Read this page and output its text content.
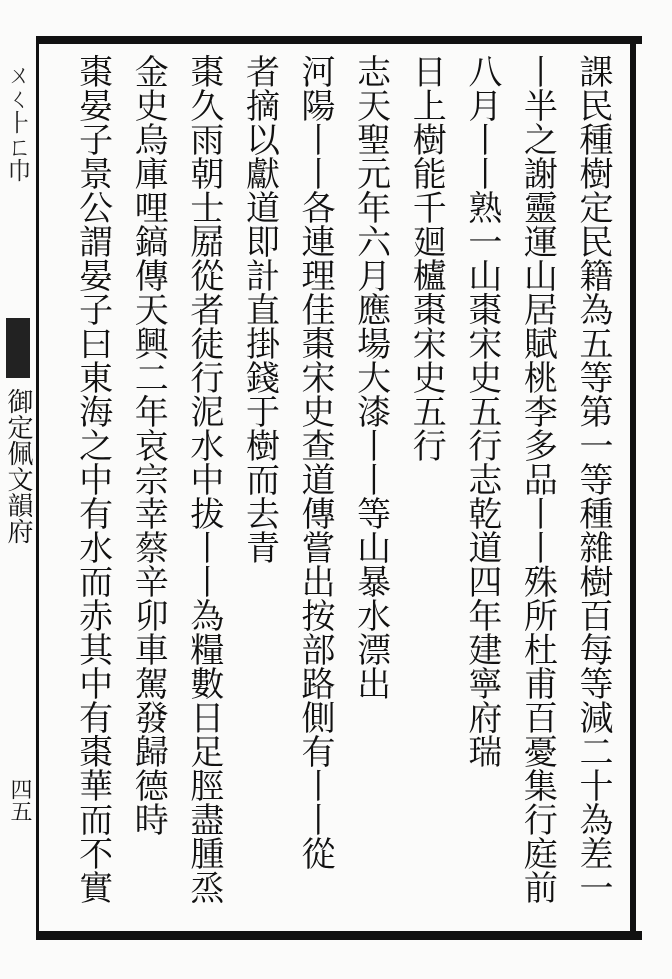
ㄨㄑ⺊ㄈ⼱
御定佩文韻府
四五	課民種樹定民籍為五等第一等種雜樹百每等減二十為差一
丨半之謝靈運山居賦桃李多品丨丨殊所杜甫百憂集行庭前
八月丨丨熟一山棗宋史五行志乾道四年建寧府瑞
日上樹能千廻櫨棗宋史五行
志天聖元年六月應場大漆丨丨等山暴水漂出
河陽丨丨各連理佳棗宋史查道傳嘗出按部路側有丨丨從
者摘以獻道即計直掛錢于樹而去青
棗久雨朝士𡲢從者徒行泥水中拔丨丨為糧數日足脛盡腫烝
金史烏庫哩鎬傳天興二年哀宗幸蔡辛卯車駕發歸德時
棗晏子景公謂晏子曰東海之中有水而赤其中有棗華而不實
